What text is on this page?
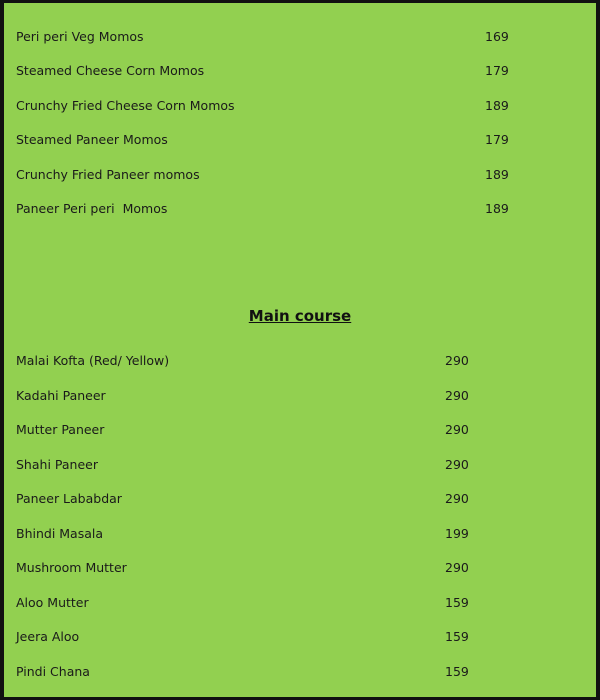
Peri peri Veg Momos	169
Steamed Cheese Corn Momos	179
Crunchy Fried Cheese Corn Momos	189
Steamed Paneer Momos	179
Crunchy Fried Paneer momos	189
Paneer Peri peri  Momos	189
Main course
Malai Kofta (Red/ Yellow)	290
Kadahi Paneer	290
Mutter Paneer	290
Shahi Paneer	290
Paneer Lababdar	290
Bhindi Masala	199
Mushroom Mutter	290
Aloo Mutter	159
Jeera Aloo	159
Pindi Chana	159
